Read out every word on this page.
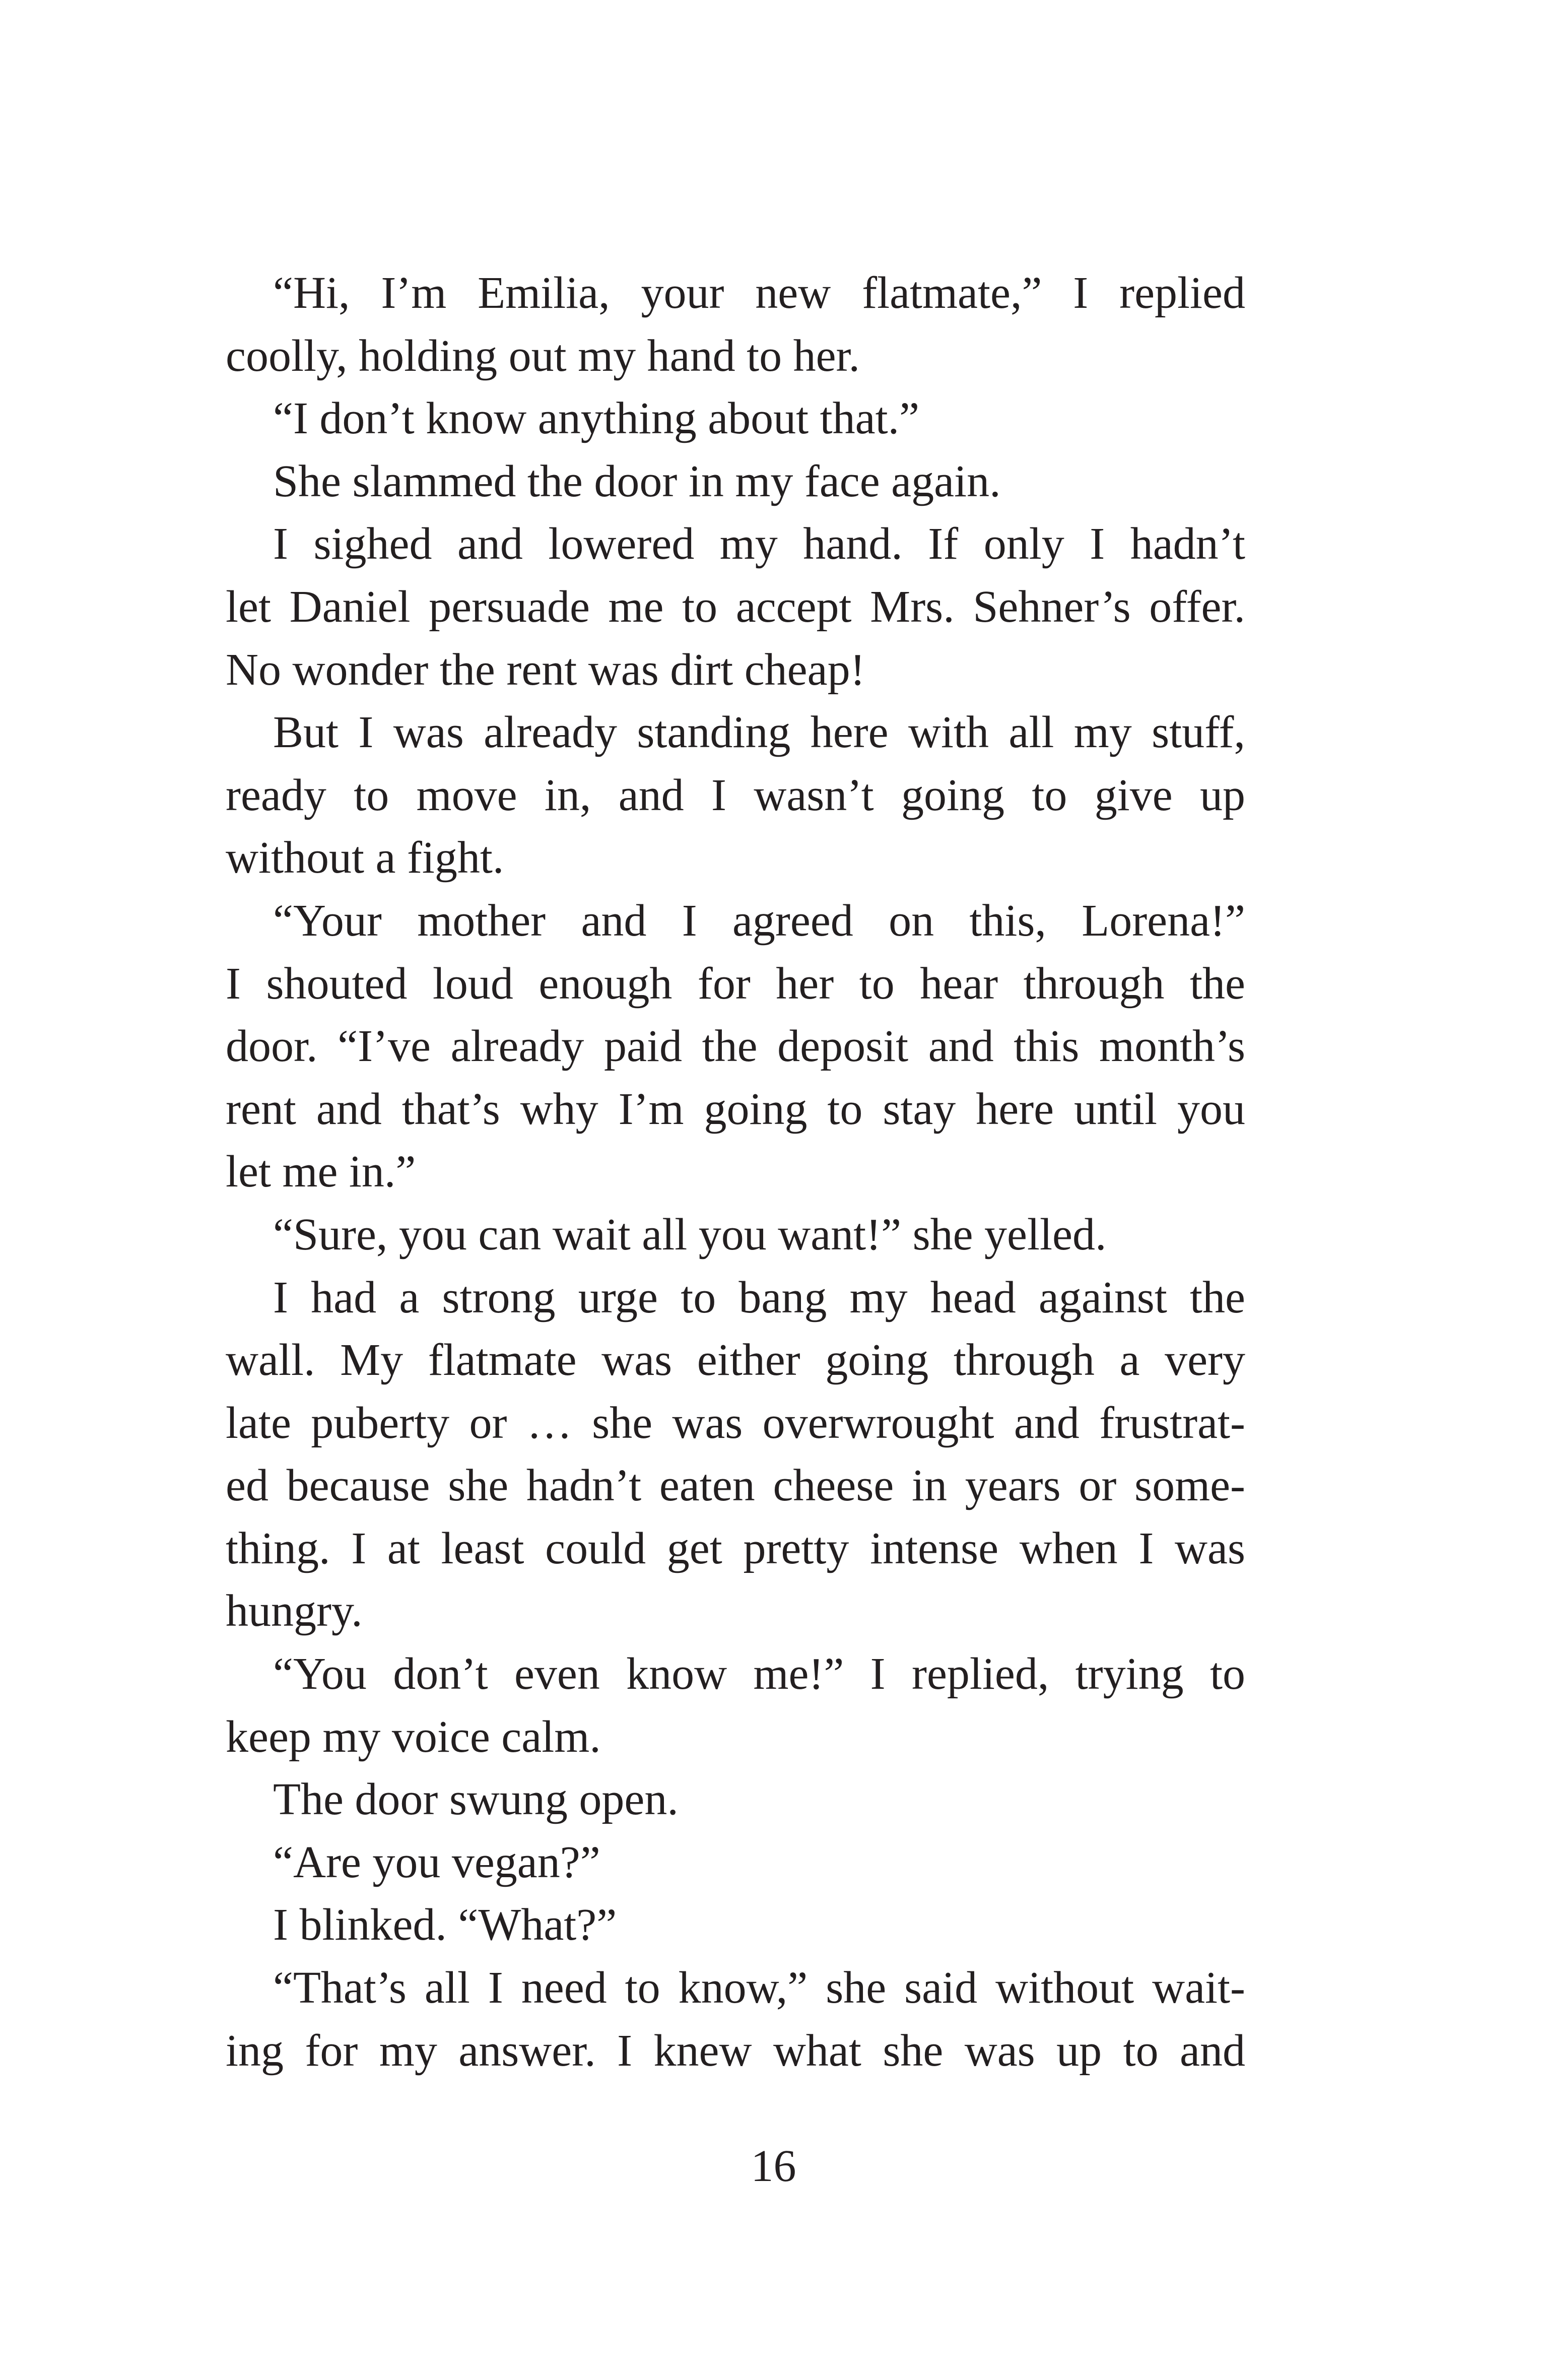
“Hi, I’m Emilia, your new flatmate,” I replied
coolly, holding out my hand to her.
“I don’t know anything about that.”
She slammed the door in my face again.
I sighed and lowered my hand. If only I hadn’t
let Daniel persuade me to accept Mrs. Sehner’s offer.
No wonder the rent was dirt cheap!
But I was already standing here with all my stuff,
ready to move in, and I wasn’t going to give up
without a fight.
“Your mother and I agreed on this, Lorena!”
I shouted loud enough for her to hear through the
door. “I’ve already paid the deposit and this month’s
rent and that’s why I’m going to stay here until you
let me in.”
“Sure, you can wait all you want!” she yelled.
I had a strong urge to bang my head against the
wall. My flatmate was either going through a very
late puberty or … she was overwrought and frustrat-
ed because she hadn’t eaten cheese in years or some-
thing. I at least could get pretty intense when I was
hungry.
“You don’t even know me!” I replied, trying to
keep my voice calm.
The door swung open.
“Are you vegan?”
I blinked. “What?”
“That’s all I need to know,” she said without wait-
ing for my answer. I knew what she was up to and
16
